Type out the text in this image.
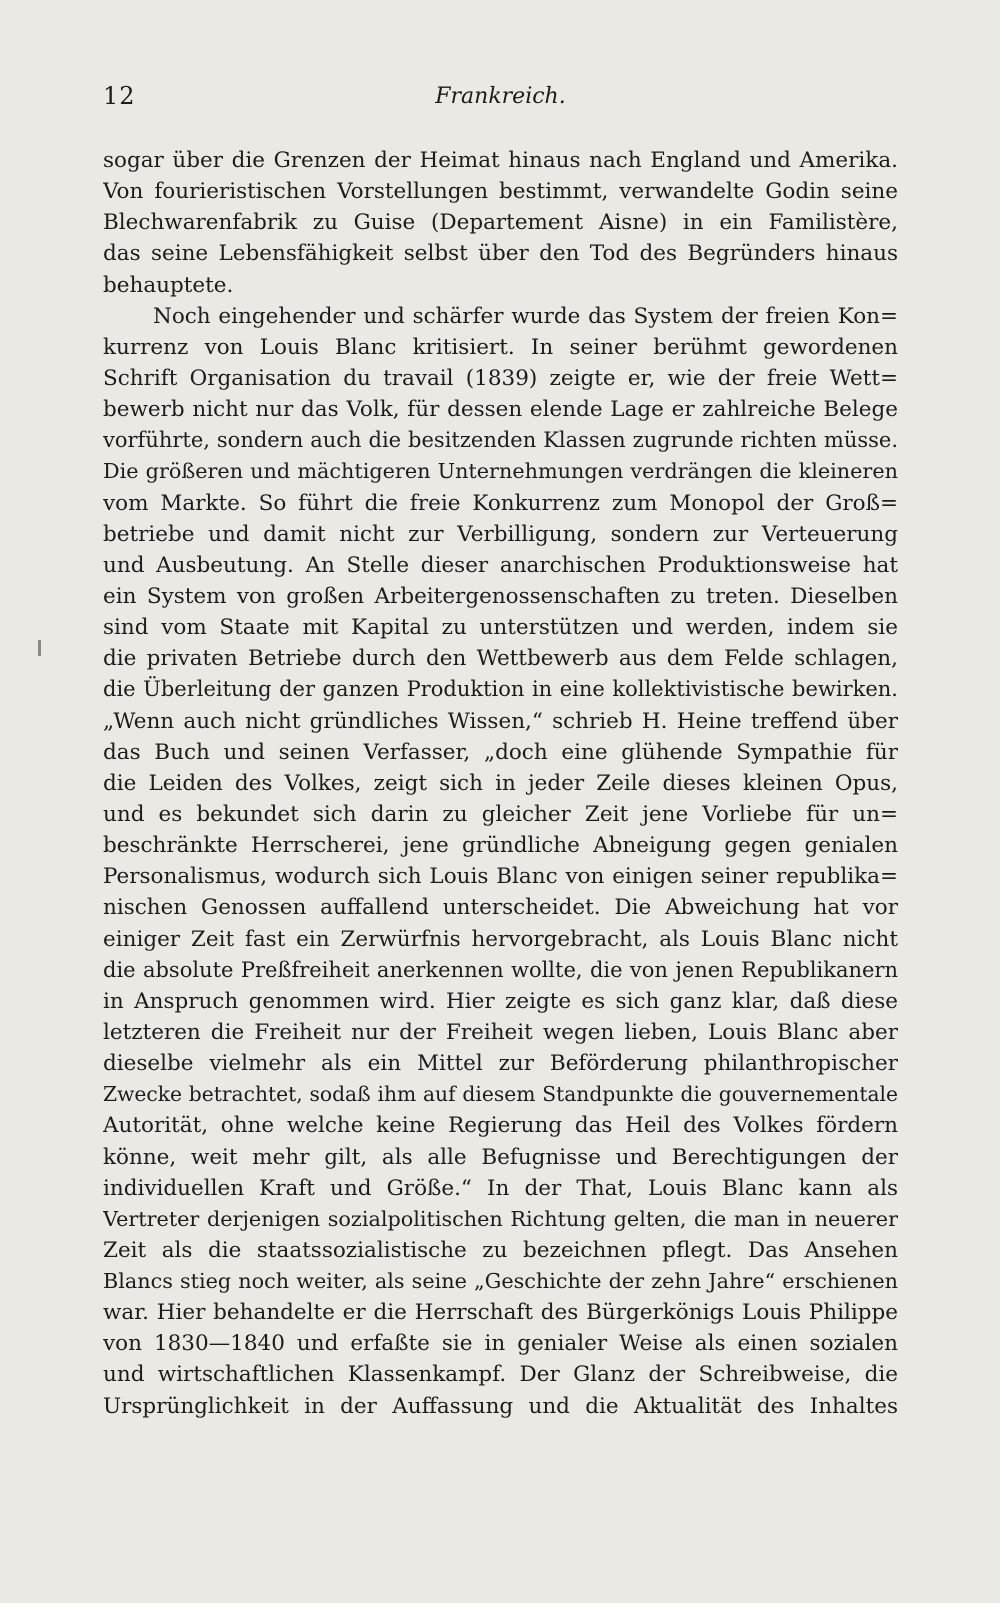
12	Frankreich.
sogar über die Grenzen der Heimat hinaus nach England und Amerika.
Von fourieristischen Vorstellungen bestimmt, verwandelte Godin seine
Blechwarenfabrik zu Guise (Departement Aisne) in ein Familistère,
das seine Lebensfähigkeit selbst über den Tod des Begründers hinaus
behauptete.
Noch eingehender und schärfer wurde das System der freien Kon=
kurrenz von Louis Blanc kritisiert. In seiner berühmt gewordenen
Schrift Organisation du travail (1839) zeigte er, wie der freie Wett=
bewerb nicht nur das Volk, für dessen elende Lage er zahlreiche Belege
vorführte, sondern auch die besitzenden Klassen zugrunde richten müsse.
Die größeren und mächtigeren Unternehmungen verdrängen die kleineren
vom Markte. So führt die freie Konkurrenz zum Monopol der Groß=
betriebe und damit nicht zur Verbilligung, sondern zur Verteuerung
und Ausbeutung. An Stelle dieser anarchischen Produktionsweise hat
ein System von großen Arbeitergenossenschaften zu treten. Dieselben
sind vom Staate mit Kapital zu unterstützen und werden, indem sie
die privaten Betriebe durch den Wettbewerb aus dem Felde schlagen,
die Überleitung der ganzen Produktion in eine kollektivistische bewirken.
„Wenn auch nicht gründliches Wissen,“ schrieb H. Heine treffend über
das Buch und seinen Verfasser, „doch eine glühende Sympathie für
die Leiden des Volkes, zeigt sich in jeder Zeile dieses kleinen Opus,
und es bekundet sich darin zu gleicher Zeit jene Vorliebe für un=
beschränkte Herrscherei, jene gründliche Abneigung gegen genialen
Personalismus, wodurch sich Louis Blanc von einigen seiner republika=
nischen Genossen auffallend unterscheidet. Die Abweichung hat vor
einiger Zeit fast ein Zerwürfnis hervorgebracht, als Louis Blanc nicht
die absolute Preßfreiheit anerkennen wollte, die von jenen Republikanern
in Anspruch genommen wird. Hier zeigte es sich ganz klar, daß diese
letzteren die Freiheit nur der Freiheit wegen lieben, Louis Blanc aber
dieselbe vielmehr als ein Mittel zur Beförderung philanthropischer
Zwecke betrachtet, sodaß ihm auf diesem Standpunkte die gouvernementale
Autorität, ohne welche keine Regierung das Heil des Volkes fördern
könne, weit mehr gilt, als alle Befugnisse und Berechtigungen der
individuellen Kraft und Größe.“ In der That, Louis Blanc kann als
Vertreter derjenigen sozialpolitischen Richtung gelten, die man in neuerer
Zeit als die staatssozialistische zu bezeichnen pflegt. Das Ansehen
Blancs stieg noch weiter, als seine „Geschichte der zehn Jahre“ erschienen
war. Hier behandelte er die Herrschaft des Bürgerkönigs Louis Philippe
von 1830—1840 und erfaßte sie in genialer Weise als einen sozialen
und wirtschaftlichen Klassenkampf. Der Glanz der Schreibweise, die
Ursprünglichkeit in der Auffassung und die Aktualität des Inhaltes
